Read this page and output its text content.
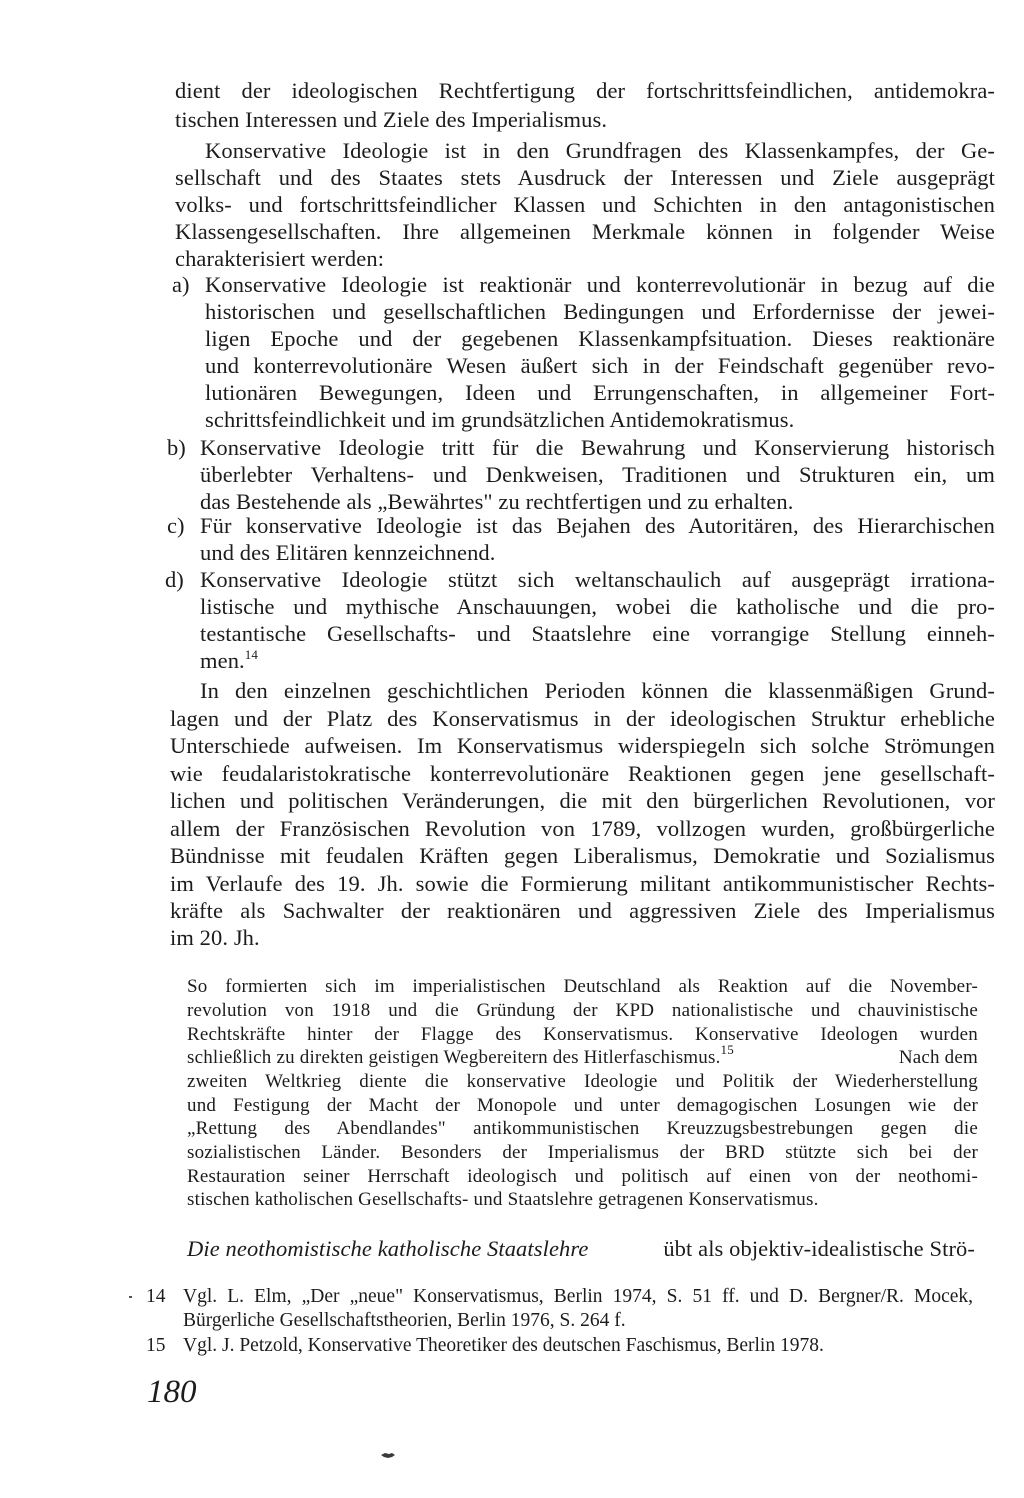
dient der ideologischen Rechtfertigung der fortschrittsfeindlichen, antidemokra-
tischen Interessen und Ziele des Imperialismus.
Konservative Ideologie ist in den Grundfragen des Klassenkampfes, der Ge-
sellschaft und des Staates stets Ausdruck der Interessen und Ziele ausgeprägt
volks- und fortschrittsfeindlicher Klassen und Schichten in den antagonistischen
Klassengesellschaften. Ihre allgemeinen Merkmale können in folgender Weise
charakterisiert werden:
a) Konservative Ideologie ist reaktionär und konterrevolutionär in bezug auf die
historischen und gesellschaftlichen Bedingungen und Erfordernisse der jewei-
ligen Epoche und der gegebenen Klassenkampfsituation. Dieses reaktionäre
und konterrevolutionäre Wesen äußert sich in der Feindschaft gegenüber revo-
lutionären Bewegungen, Ideen und Errungenschaften, in allgemeiner Fort-
schrittsfeindlichkeit und im grundsätzlichen Antidemokratismus.
b) Konservative Ideologie tritt für die Bewahrung und Konservierung historisch
überlebter Verhaltens- und Denkweisen, Traditionen und Strukturen ein, um
das Bestehende als „Bewährtes" zu rechtfertigen und zu erhalten.
c) Für konservative Ideologie ist das Bejahen des Autoritären, des Hierarchischen
und des Elitären kennzeichnend.
d) Konservative Ideologie stützt sich weltanschaulich auf ausgeprägt irrationa-
listische und mythische Anschauungen, wobei die katholische und die pro-
testantische Gesellschafts- und Staatslehre eine vorrangige Stellung einneh-
men.$^{14}$
In den einzelnen geschichtlichen Perioden können die klassenmäßigen Grund-
lagen und der Platz des Konservatismus in der ideologischen Struktur erhebliche
Unterschiede aufweisen. Im Konservatismus widerspiegeln sich solche Strömungen
wie feudalaristokratische konterrevolutionäre Reaktionen gegen jene gesellschaft-
lichen und politischen Veränderungen, die mit den bürgerlichen Revolutionen, vor
allem der Französischen Revolution von 1789, vollzogen wurden, großbürgerliche
Bündnisse mit feudalen Kräften gegen Liberalismus, Demokratie und Sozialismus
im Verlaufe des 19. Jh. sowie die Formierung militant antikommunistischer Rechts-
kräfte als Sachwalter der reaktionären und aggressiven Ziele des Imperialismus
im 20. Jh.
So formierten sich im imperialistischen Deutschland als Reaktion auf die November-
revolution von 1918 und die Gründung der KPD nationalistische und chauvinistische
Rechtskräfte hinter der Flagge des Konservatismus. Konservative Ideologen wurden
schließlich zu direkten geistigen Wegbereitern des Hitlerfaschismus.$^{15}$	Nach dem
zweiten Weltkrieg diente die konservative Ideologie und Politik der Wiederherstellung
und Festigung der Macht der Monopole und unter demagogischen Losungen wie der
„Rettung des Abendlandes" antikommunistischen Kreuzzugsbestrebungen gegen die
sozialistischen Länder. Besonders der Imperialismus der BRD stützte sich bei der
Restauration seiner Herrschaft ideologisch und politisch auf einen von der neothomi-
stischen katholischen Gesellschafts- und Staatslehre getragenen Konservatismus.
Die neothomistische katholische Staatslehre	übt als objektiv-idealistische Strö-
14 Vgl. L. Elm, „Der „neue" Konservatismus, Berlin 1974, S. 51 ff. und D. Bergner/R. Mocek,
Bürgerliche Gesellschaftstheorien, Berlin 1976, S. 264 f.
15 Vgl. J. Petzold, Konservative Theoretiker des deutschen Faschismus, Berlin 1978.
180
